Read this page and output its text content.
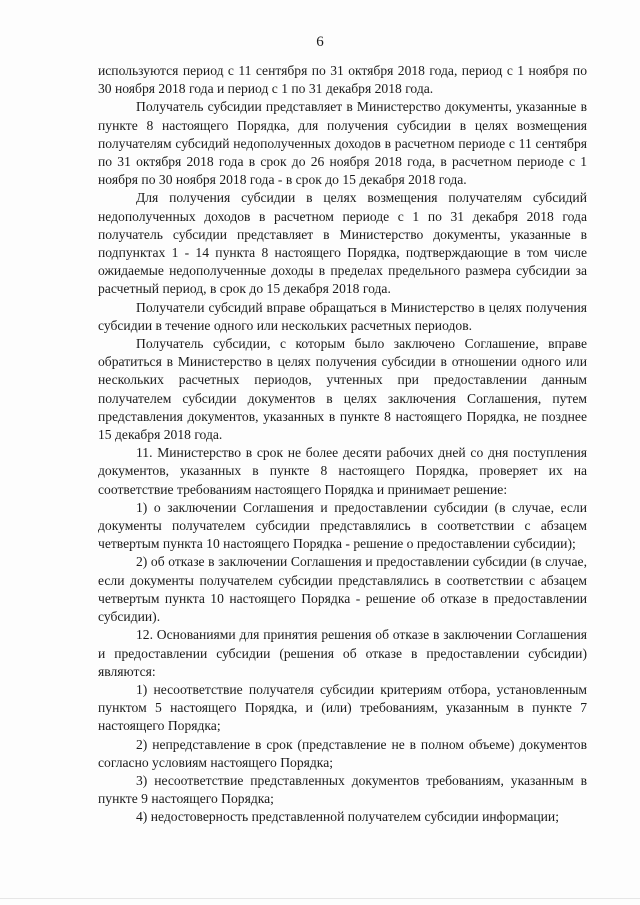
6

используются период с 11 сентября по 31 октября 2018 года, период с 1 ноября по 30 ноября 2018 года и период с 1 по 31 декабря 2018 года.

Получатель субсидии представляет в Министерство документы, указанные в пункте 8 настоящего Порядка, для получения субсидии в целях возмещения получателям субсидий недополученных доходов в расчетном периоде с 11 сентября по 31 октября 2018 года в срок до 26 ноября 2018 года, в расчетном периоде с 1 ноября по 30 ноября 2018 года - в срок до 15 декабря 2018 года.

Для получения субсидии в целях возмещения получателям субсидий недополученных доходов в расчетном периоде с 1 по 31 декабря 2018 года получатель субсидии представляет в Министерство документы, указанные в подпунктах 1 - 14 пункта 8 настоящего Порядка, подтверждающие в том числе ожидаемые недополученные доходы в пределах предельного размера субсидии за расчетный период, в срок до 15 декабря 2018 года.

Получатели субсидий вправе обращаться в Министерство в целях получения субсидии в течение одного или нескольких расчетных периодов.

Получатель субсидии, с которым было заключено Соглашение, вправе обратиться в Министерство в целях получения субсидии в отношении одного или нескольких расчетных периодов, учтенных при предоставлении данным получателем субсидии документов в целях заключения Соглашения, путем представления документов, указанных в пункте 8 настоящего Порядка, не позднее 15 декабря 2018 года.

11. Министерство в срок не более десяти рабочих дней со дня поступления документов, указанных в пункте 8 настоящего Порядка, проверяет их на соответствие требованиям настоящего Порядка и принимает решение:

1) о заключении Соглашения и предоставлении субсидии (в случае, если документы получателем субсидии представлялись в соответствии с абзацем четвертым пункта 10 настоящего Порядка - решение о предоставлении субсидии);

2) об отказе в заключении Соглашения и предоставлении субсидии (в случае, если документы получателем субсидии представлялись в соответствии с абзацем четвертым пункта 10 настоящего Порядка - решение об отказе в предоставлении субсидии).

12. Основаниями для принятия решения об отказе в заключении Соглашения и предоставлении субсидии (решения об отказе в предоставлении субсидии) являются:

1) несоответствие получателя субсидии критериям отбора, установленным пунктом 5 настоящего Порядка, и (или) требованиям, указанным в пункте 7 настоящего Порядка;

2) непредставление в срок (представление не в полном объеме) документов согласно условиям настоящего Порядка;

3) несоответствие представленных документов требованиям, указанным в пункте 9 настоящего Порядка;

4) недостоверность представленной получателем субсидии информации;
